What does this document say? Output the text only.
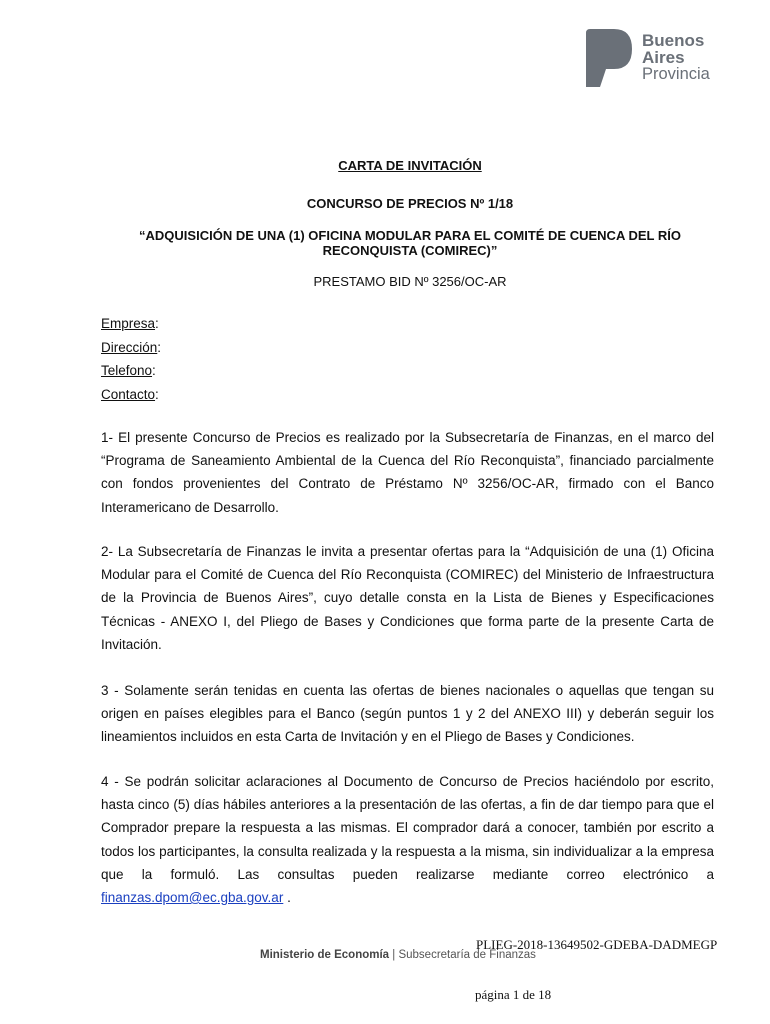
Buenos
Aires
Provincia
CARTA DE INVITACIÓN
CONCURSO DE PRECIOS Nº 1/18
“ADQUISICIÓN DE UNA (1) OFICINA MODULAR PARA EL COMITÉ DE CUENCA DEL RÍO
RECONQUISTA (COMIREC)”
PRESTAMO BID Nº 3256/OC-AR
Empresa:
Dirección:
Telefono:
Contacto:

1- El presente Concurso de Precios es realizado por la Subsecretaría de Finanzas, en el marco del “Programa de Saneamiento Ambiental de la Cuenca del Río Reconquista”, financiado parcialmente con fondos provenientes del Contrato de Préstamo Nº 3256/OC-AR, firmado con el Banco Interamericano de Desarrollo.

2- La Subsecretaría de Finanzas le invita a presentar ofertas para la “Adquisición de una (1) Oficina Modular para el Comité de Cuenca del Río Reconquista (COMIREC) del Ministerio de Infraestructura de la Provincia de Buenos Aires”, cuyo detalle consta en la Lista de Bienes y Especificaciones Técnicas - ANEXO I, del Pliego de Bases y Condiciones que forma parte de la presente Carta de Invitación.

3 - Solamente serán tenidas en cuenta las ofertas de bienes nacionales o aquellas que tengan su origen en países elegibles para el Banco (según puntos 1 y 2 del ANEXO III) y deberán seguir los lineamientos incluidos en esta Carta de Invitación y en el Pliego de Bases y Condiciones.

4 - Se podrán solicitar aclaraciones al Documento de Concurso de Precios haciéndolo por escrito, hasta cinco (5) días hábiles anteriores a la presentación de las ofertas, a fin de dar tiempo para que el Comprador prepare la respuesta a las mismas. El comprador dará a conocer, también por escrito a todos los participantes, la consulta realizada y la respuesta a la misma, sin individualizar a la empresa que la formuló. Las consultas pueden realizarse mediante correo electrónico a finanzas.dpom@ec.gba.gov.ar .

PLIEG-2018-13649502-GDEBA-DADMEGP
Ministerio de Economía | Subsecretaría de Finanzas
página 1 de 18
